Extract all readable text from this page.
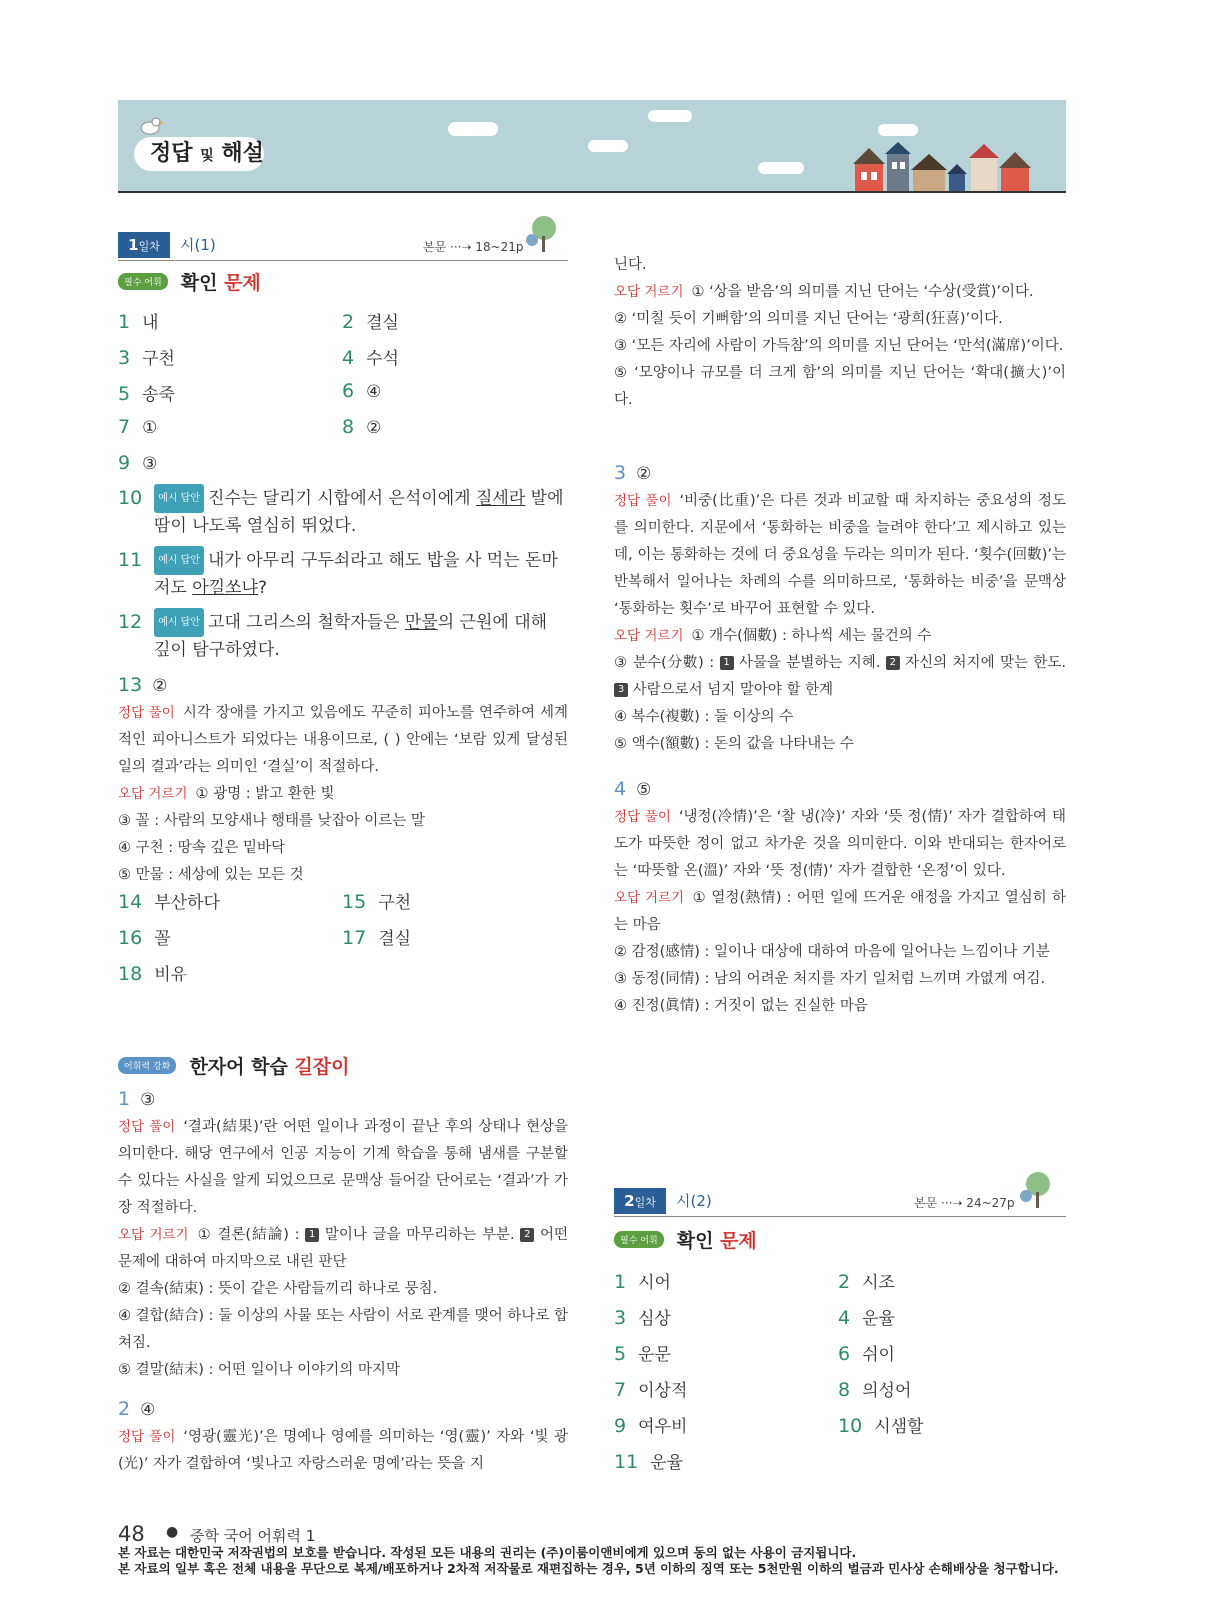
정답 및 해설
1일차	시(1)	본문 ···➝ 18~21p
필수 어휘 확인 문제
1 내	2 결실
3 구천	4 수석
5 송죽	6 ④
7 ①	8 ②
9 ③
10 예시 답안 진수는 달리기 시합에서 은석이에게 질세라 발에
땀이 나도록 열심히 뛰었다.
11 예시 답안 내가 아무리 구두쇠라고 해도 밥을 사 먹는 돈마
저도 아낄쏘냐?
12 예시 답안 고대 그리스의 철학자들은 만물의 근원에 대해
깊이 탐구하였다.
13 ②
정답 풀이 시각 장애를 가지고 있음에도 꾸준히 피아노를 연주하여 세계적인 피아니스트가 되었다는 내용이므로, ( ) 안에는 ‘보람 있게 달성된 일의 결과’라는 의미인 ‘결실’이 적절하다.
오답 거르기 ① 광명 : 밝고 환한 빛
③ 꼴 : 사람의 모양새나 행태를 낮잡아 이르는 말
④ 구천 : 땅속 깊은 밑바닥
⑤ 만물 : 세상에 있는 모든 것
14 부산하다	15 구천
16 꼴	17 결실
18 비유
어휘력 강화 한자어 학습 길잡이
1 ③
정답 풀이 ‘결과(結果)’란 어떤 일이나 과정이 끝난 후의 상태나 현상을 의미한다. 해당 연구에서 인공 지능이 기계 학습을 통해 냄새를 구분할 수 있다는 사실을 알게 되었으므로 문맥상 들어갈 단어로는 ‘결과’가 가장 적절하다.
오답 거르기 ① 결론(結論) : 1 말이나 글을 마무리하는 부분. 2 어떤 문제에 대하여 마지막으로 내린 판단
② 결속(結束) : 뜻이 같은 사람들끼리 하나로 뭉침.
④ 결합(結合) : 둘 이상의 사물 또는 사람이 서로 관계를 맺어 하나로 합쳐짐.
⑤ 결말(結末) : 어떤 일이나 이야기의 마지막
2 ④
정답 풀이 ‘영광(靈光)’은 명예나 영예를 의미하는 ‘영(靈)’ 자와 ‘빛 광(光)’ 자가 결합하여 ‘빛나고 자랑스러운 명예’라는 뜻을 지
닌다.
오답 거르기 ① ‘상을 받음’의 의미를 지닌 단어는 ‘수상(受賞)’이다.
② ‘미칠 듯이 기뻐함’의 의미를 지닌 단어는 ‘광희(狂喜)’이다.
③ ‘모든 자리에 사람이 가득참’의 의미를 지닌 단어는 ‘만석(滿席)’이다.
⑤ ‘모양이나 규모를 더 크게 함’의 의미를 지닌 단어는 ‘확대(擴大)’이다.
3 ②
정답 풀이 ‘비중(比重)’은 다른 것과 비교할 때 차지하는 중요성의 정도를 의미한다. 지문에서 ‘통화하는 비중을 늘려야 한다’고 제시하고 있는데, 이는 통화하는 것에 더 중요성을 두라는 의미가 된다. ‘횟수(回數)’는 반복해서 일어나는 차례의 수를 의미하므로, ‘통화하는 비중’을 문맥상 ‘통화하는 횟수’로 바꾸어 표현할 수 있다.
오답 거르기 ① 개수(個數) : 하나씩 세는 물건의 수
③ 분수(分數) : 1 사물을 분별하는 지혜. 2 자신의 처지에 맞는 한도. 3 사람으로서 넘지 말아야 할 한계
④ 복수(複數) : 둘 이상의 수
⑤ 액수(額數) : 돈의 값을 나타내는 수
4 ⑤
정답 풀이 ‘냉정(冷情)’은 ‘찰 냉(冷)’ 자와 ‘뜻 정(情)’ 자가 결합하여 태도가 따뜻한 정이 없고 차가운 것을 의미한다. 이와 반대되는 한자어로는 ‘따뜻할 온(溫)’ 자와 ‘뜻 정(情)’ 자가 결합한 ‘온정’이 있다.
오답 거르기 ① 열정(熱情) : 어떤 일에 뜨거운 애정을 가지고 열심히 하는 마음
② 감정(感情) : 일이나 대상에 대하여 마음에 일어나는 느낌이나 기분
③ 동정(同情) : 남의 어려운 처지를 자기 일처럼 느끼며 가엾게 여김.
④ 진정(眞情) : 거짓이 없는 진실한 마음
2일차	시(2)	본문 ···➝ 24~27p
필수 어휘 확인 문제
1 시어	2 시조
3 심상	4 운율
5 운문	6 쉬이
7 이상적	8 의성어
9 여우비	10 시샘할
11 운율
48 ● 중학 국어 어휘력 1
본 자료는 대한민국 저작권법의 보호를 받습니다. 작성된 모든 내용의 권리는 (주)이룸이앤비에게 있으며 동의 없는 사용이 금지됩니다.
본 자료의 일부 혹은 전체 내용을 무단으로 복제/배포하거나 2차적 저작물로 재편집하는 경우, 5년 이하의 징역 또는 5천만원 이하의 벌금과 민사상 손해배상을 청구합니다.
